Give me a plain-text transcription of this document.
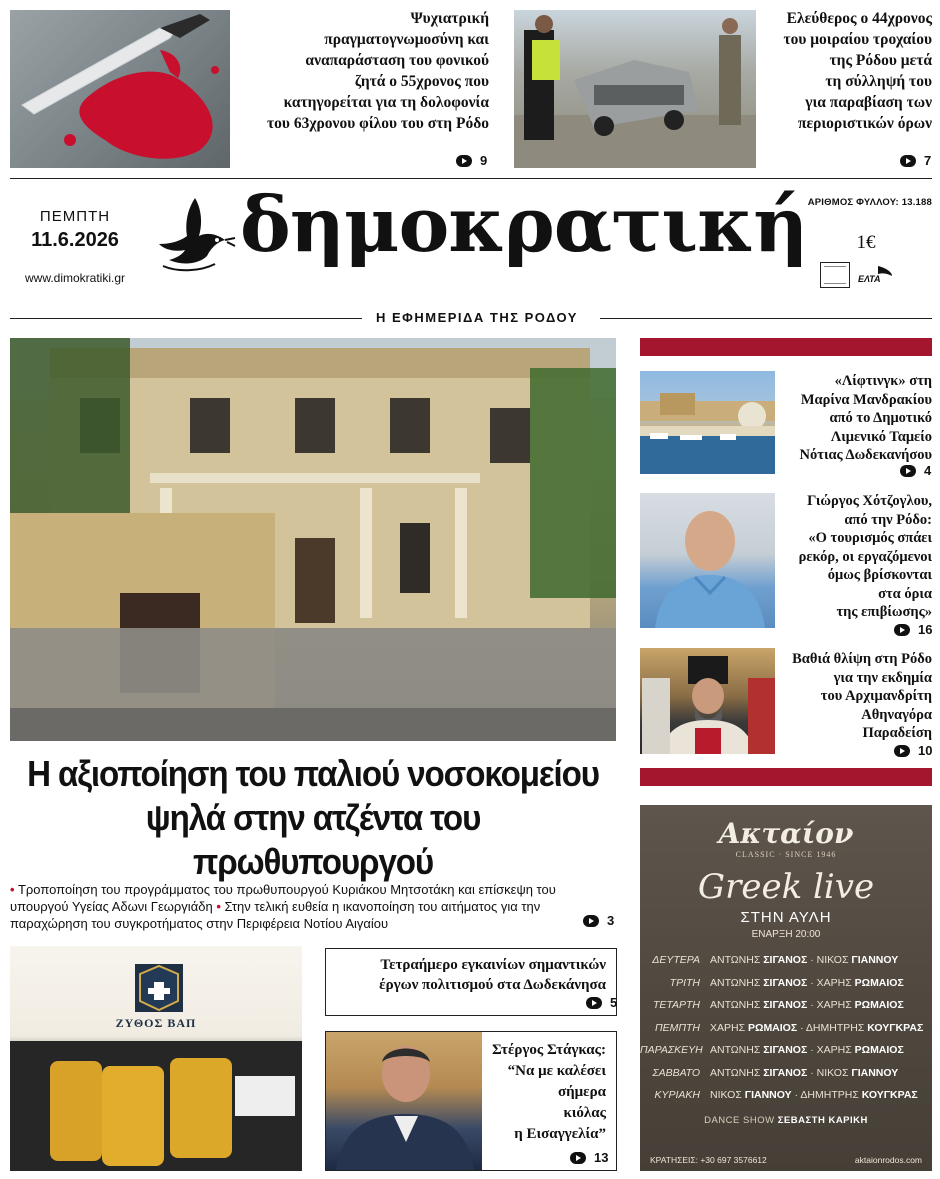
Ψυχιατρική
πραγματογνωμοσύνη και
αναπαράσταση του φονικού
ζητά ο 55χρονος που
κατηγορείται για τη δολοφονία
του 63χρονου φίλου του στη Ρόδο
9
Ελεύθερος ο 44χρονος
του μοιραίου τροχαίου
της Ρόδου μετά
τη σύλληψή του
για παραβίαση των
περιοριστικών όρων
7
ΠΕΜΠΤΗ
11.6.2026
www.dimokratiki.gr
δημοκρατική ΑΡΙΘΜΟΣ ΦΥΛΛΟΥ: 13.188
1€
ΕΛΤΑ
Η ΕΦΗΜΕΡΙΔΑ ΤΗΣ ΡΟΔΟΥ
Η αξιοποίηση του παλιού νοσοκομείου
ψηλά στην ατζέντα του πρωθυπουργού
• Τροποποίηση του προγράμματος του πρωθυπουργού Κυριάκου Μητσοτάκη και επίσκεψη του υπουργού Υγείας Αδωνι Γεωργιάδη • Στην τελική ευθεία η ικανοποίηση του αιτήματος για την παραχώρηση του συγκροτήματος στην Περιφέρεια Νοτίου Αιγαίου	3
«Λίφτινγκ» στη
Μαρίνα Μανδρακίου
από το Δημοτικό
Λιμενικό Ταμείο
Νότιας Δωδεκανήσου
4
Γιώργος Χότζογλου,
από την Ρόδο:
«Ο τουρισμός σπάει
ρεκόρ, οι εργαζόμενοι
όμως βρίσκονται
στα όρια
της επιβίωσης»
16
Βαθιά θλίψη στη Ρόδο
για την εκδημία
του Αρχιμανδρίτη
Αθηναγόρα
Παραδείση
10
Ακταίον
CLASSIC · SINCE 1946
Greek live
ΣΤΗΝ ΑΥΛΗ
ΕΝΑΡΞΗ 20:00
ΔΕΥΤΕΡΑ ΑΝΤΩΝΗΣ ΣΙΓΑΝΟΣ · ΝΙΚΟΣ ΓΙΑΝΝΟΥ
ΤΡΙΤΗ ΑΝΤΩΝΗΣ ΣΙΓΑΝΟΣ · ΧΑΡΗΣ ΡΩΜΑΙΟΣ
ΤΕΤΑΡΤΗ ΑΝΤΩΝΗΣ ΣΙΓΑΝΟΣ · ΧΑΡΗΣ ΡΩΜΑΙΟΣ
ΠΕΜΠΤΗ ΧΑΡΗΣ ΡΩΜΑΙΟΣ · ΔΗΜΗΤΡΗΣ ΚΟΥΓΚΡΑΣ
ΠΑΡΑΣΚΕΥΗ ΑΝΤΩΝΗΣ ΣΙΓΑΝΟΣ · ΧΑΡΗΣ ΡΩΜΑΙΟΣ
ΣΑΒΒΑΤΟ ΑΝΤΩΝΗΣ ΣΙΓΑΝΟΣ · ΝΙΚΟΣ ΓΙΑΝΝΟΥ
ΚΥΡΙΑΚΗ ΝΙΚΟΣ ΓΙΑΝΝΟΥ · ΔΗΜΗΤΡΗΣ ΚΟΥΓΚΡΑΣ
DANCE SHOW ΣΕΒΑΣΤΗ ΚΑΡΙΚΗ
ΚΡΑΤΗΣΕΙΣ: +30 697 3576612	aktaionrodos.com
ΖΥΘΟΣ ΒΑΠ
Τετραήμερο εγκαινίων σημαντικών
έργων πολιτισμού στα Δωδεκάνησα
5
Στέργος Στάγκας:
“Να με καλέσει
σήμερα
κιόλας
η Εισαγγελία”
13
